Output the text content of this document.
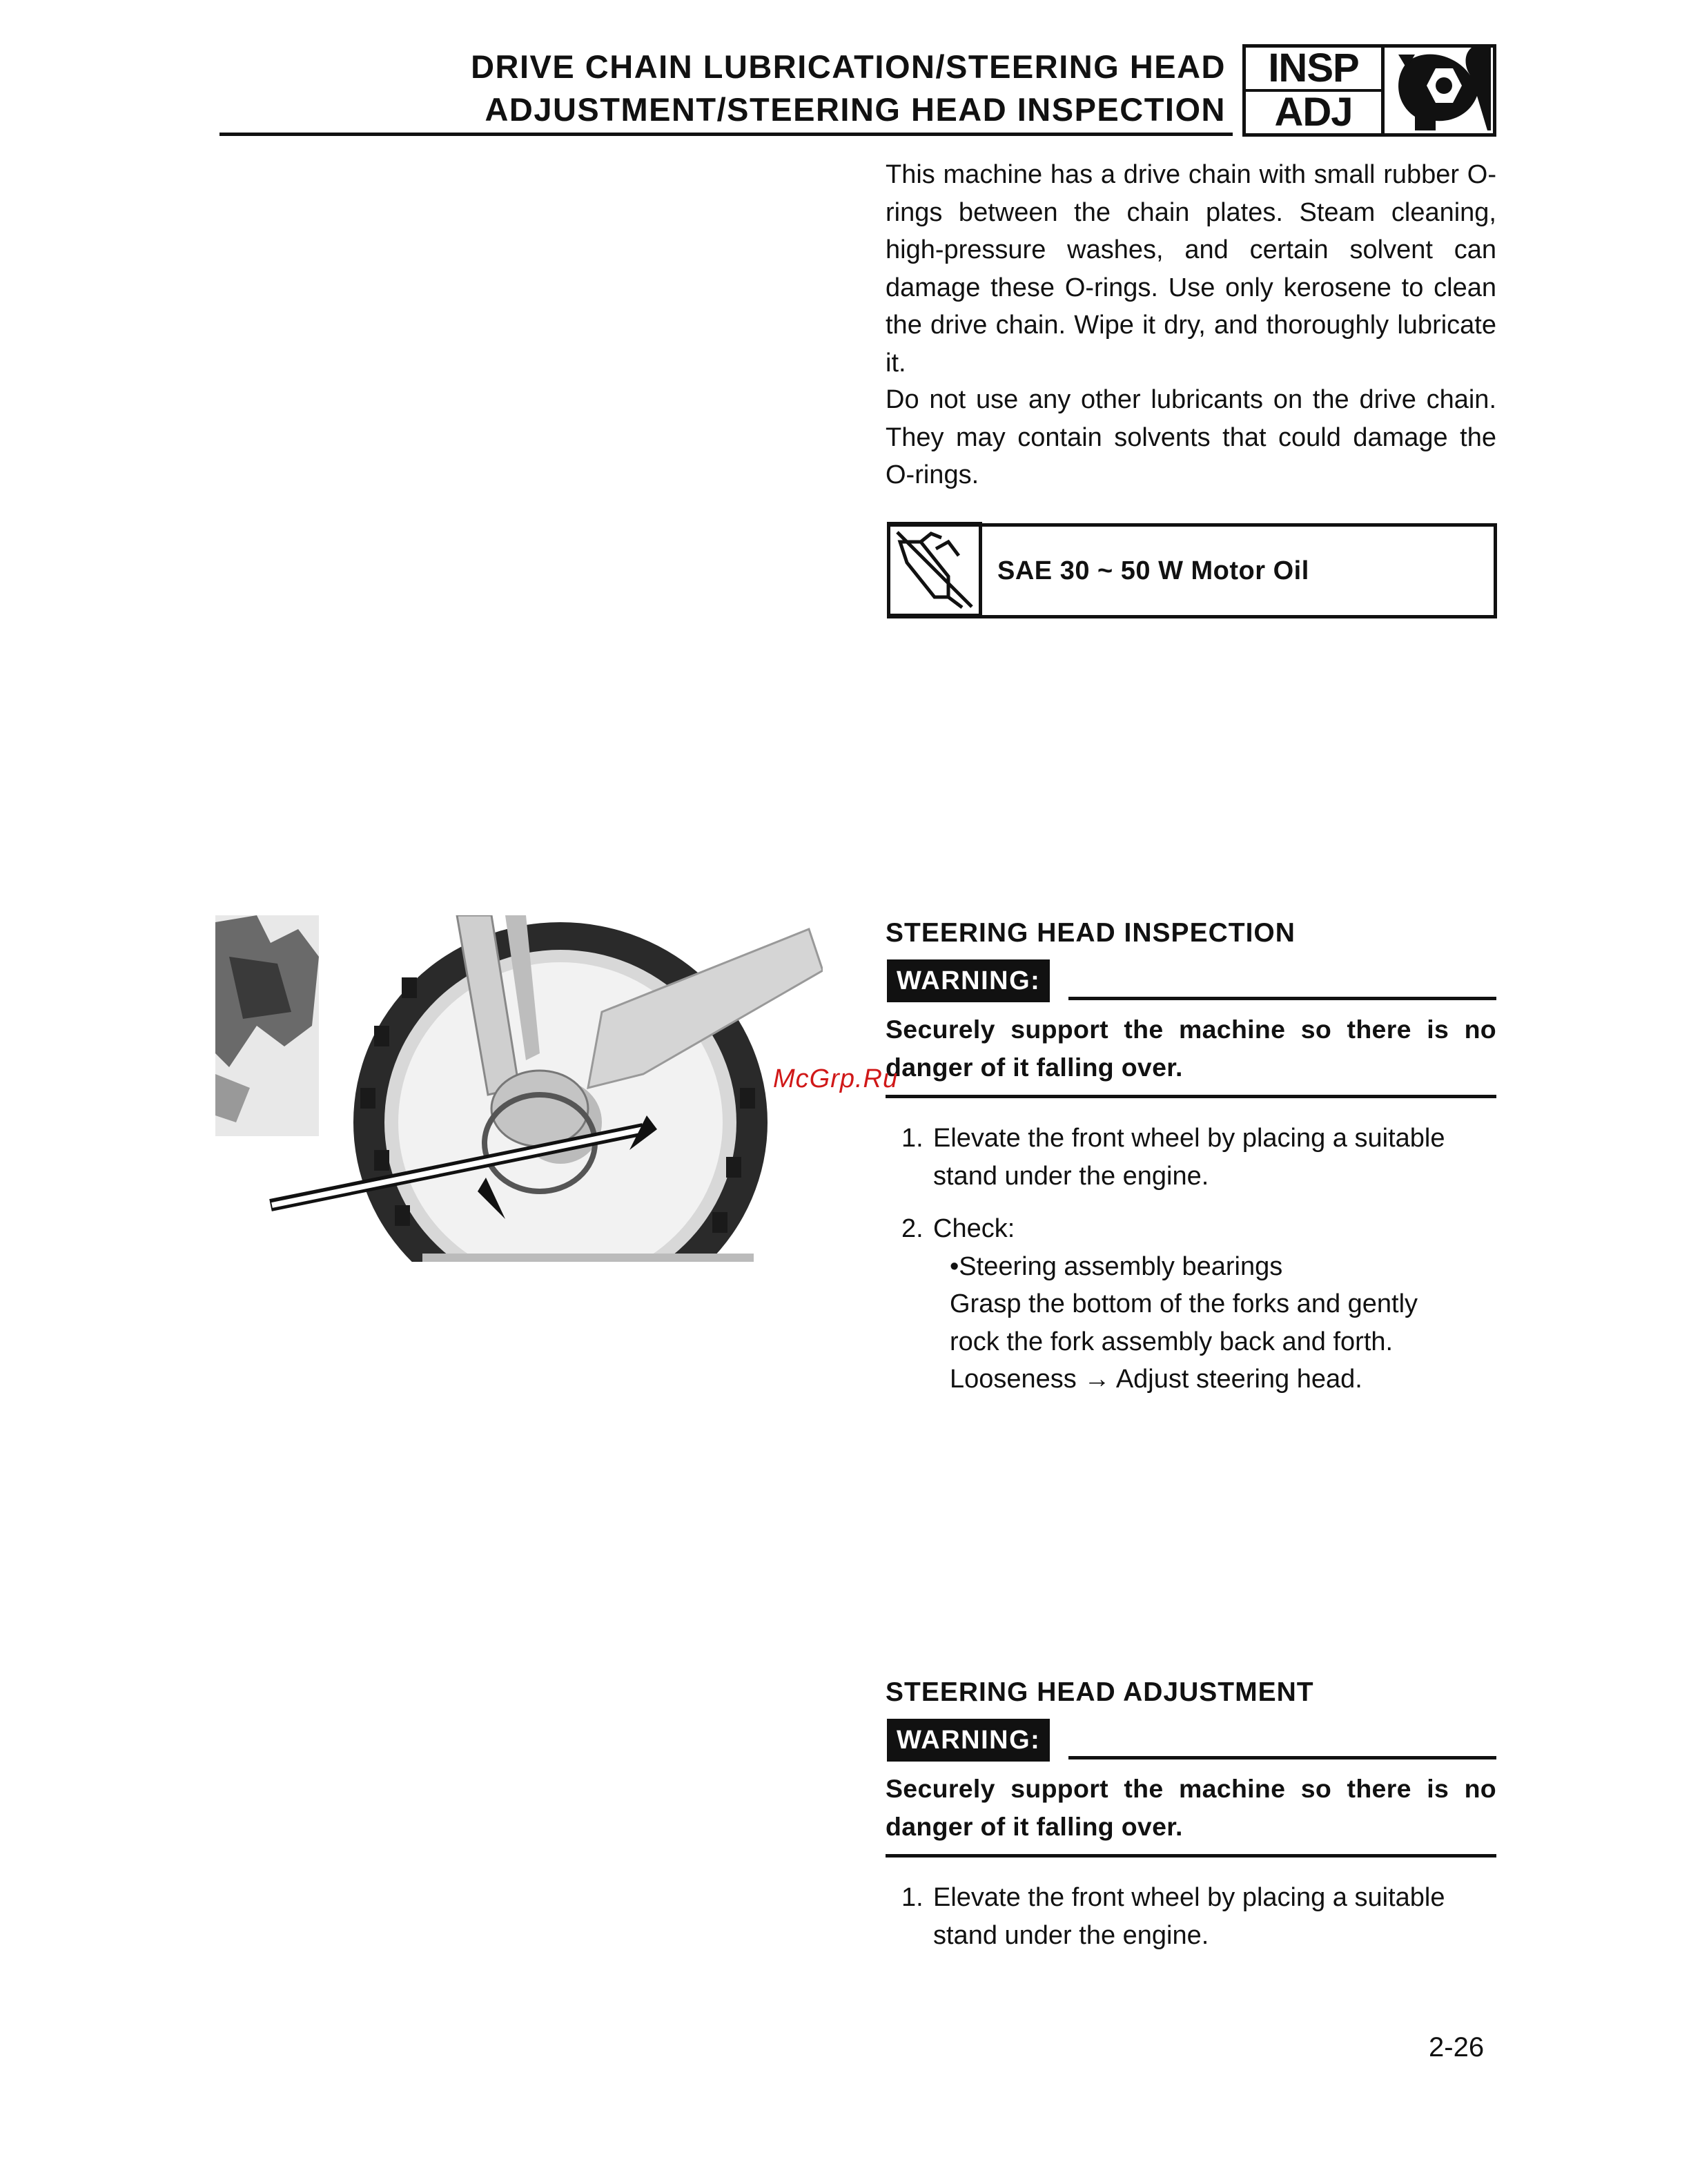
DRIVE CHAIN LUBRICATION/STEERING HEAD
ADJUSTMENT/STEERING HEAD INSPECTION
INSP
ADJ

This machine has a drive chain with small rubber O-rings between the chain plates. Steam cleaning, high-pressure washes, and certain solvent can damage these O-rings. Use only kerosene to clean the drive chain. Wipe it dry, and thoroughly lubricate it.

Do not use any other lubricants on the drive chain. They may contain solvents that could damage the O-rings.

SAE 30 ~ 50 W Motor Oil
STEERING HEAD INSPECTION
WARNING:

Securely support the machine so there is no danger of it falling over.

1. Elevate the front wheel by placing a suitable

stand under the engine.

2. Check:

•Steering assembly bearings

Grasp the bottom of the forks and gently

rock the fork assembly back and forth.

Looseness → Adjust steering head.

McGrp.Ru
STEERING HEAD ADJUSTMENT
WARNING:

Securely support the machine so there is no danger of it falling over.

1. Elevate the front wheel by placing a suitable

stand under the engine.

2-26
